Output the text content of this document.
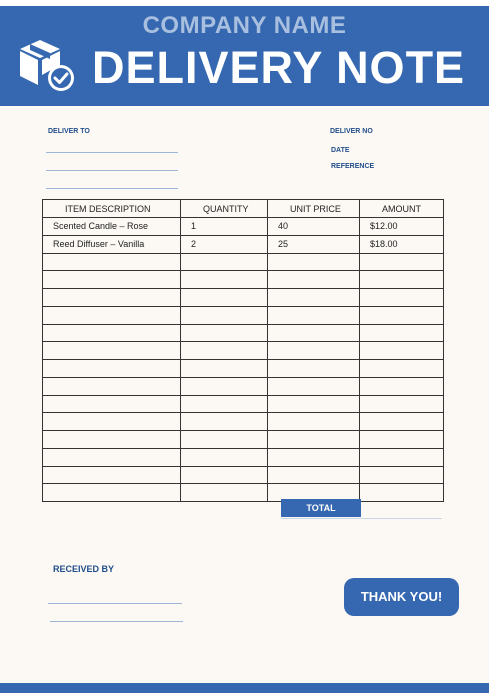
COMPANY NAME
DELIVERY NOTE
DELIVER TO	DELIVER NO
DATE
REFERENCE
ITEM DESCRIPTION	QUANTITY	UNIT PRICE	AMOUNT
Scented Candle – Rose	1	40	$12.00
Reed Diffuser – Vanilla	2	25	$18.00

TOTAL
RECEIVED BY
THANK YOU!
